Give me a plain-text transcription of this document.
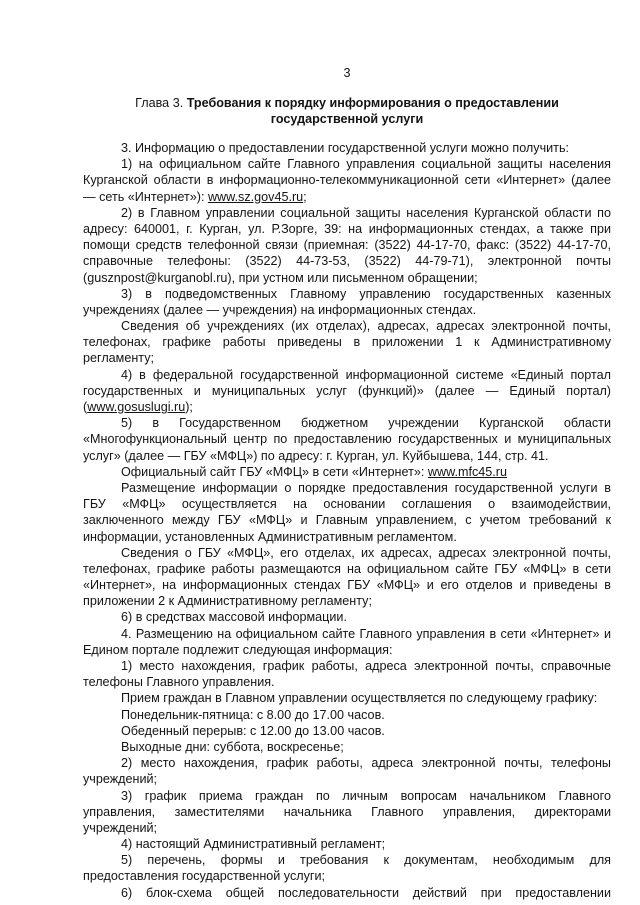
3
Глава 3. Требования к порядку информирования о предоставлении
государственной услуги
3. Информацию о предоставлении государственной услуги можно получить:
1) на официальном сайте Главного управления социальной защиты населения
Курганской области в информационно-телекоммуникационной сети «Интернет» (далее
— сеть «Интернет»): www.sz.gov45.ru;
2) в Главном управлении социальной защиты населения Курганской области по
адресу: 640001, г. Курган, ул. Р.Зорге, 39: на информационных стендах, а также при
помощи средств телефонной связи (приемная: (3522) 44-17-70, факс: (3522) 44-17-70,
справочные телефоны: (3522) 44-73-53, (3522) 44-79-71), электронной почты
(gusznpost@kurganobl.ru), при устном или письменном обращении;
3) в подведомственных Главному управлению государственных казенных
учреждениях (далее — учреждения) на информационных стендах.
Сведения об учреждениях (их отделах), адресах, адресах электронной почты,
телефонах, графике работы приведены в приложении 1 к Административному
регламенту;
4) в федеральной государственной информационной системе «Единый портал
государственных и муниципальных услуг (функций)» (далее — Единый портал)
(www.gosuslugi.ru);
5) в Государственном бюджетном учреждении Курганской области
«Многофункциональный центр по предоставлению государственных и муниципальных
услуг» (далее — ГБУ «МФЦ») по адресу: г. Курган, ул. Куйбышева, 144, стр. 41.
Официальный сайт ГБУ «МФЦ» в сети «Интернет»: www.mfc45.ru
Размещение информации о порядке предоставления государственной услуги в
ГБУ «МФЦ» осуществляется на основании соглашения о взаимодействии,
заключенного между ГБУ «МФЦ» и Главным управлением, с учетом требований к
информации, установленных Административным регламентом.
Сведения о ГБУ «МФЦ», его отделах, их адресах, адресах электронной почты,
телефонах, графике работы размещаются на официальном сайте ГБУ «МФЦ» в сети
«Интернет», на информационных стендах ГБУ «МФЦ» и его отделов и приведены в
приложении 2 к Административному регламенту;
6) в средствах массовой информации.
4. Размещению на официальном сайте Главного управления в сети «Интернет» и
Едином портале подлежит следующая информация:
1) место нахождения, график работы, адреса электронной почты, справочные
телефоны Главного управления.
Прием граждан в Главном управлении осуществляется по следующему графику:
Понедельник-пятница: с 8.00 до 17.00 часов.
Обеденный перерыв: с 12.00 до 13.00 часов.
Выходные дни: суббота, воскресенье;
2) место нахождения, график работы, адреса электронной почты, телефоны
учреждений;
3) график приема граждан по личным вопросам начальником Главного
управления, заместителями начальника Главного управления, директорами
учреждений;
4) настоящий Административный регламент;
5) перечень, формы и требования к документам, необходимым для
предоставления государственной услуги;
6) блок-схема общей последовательности действий при предоставлении
